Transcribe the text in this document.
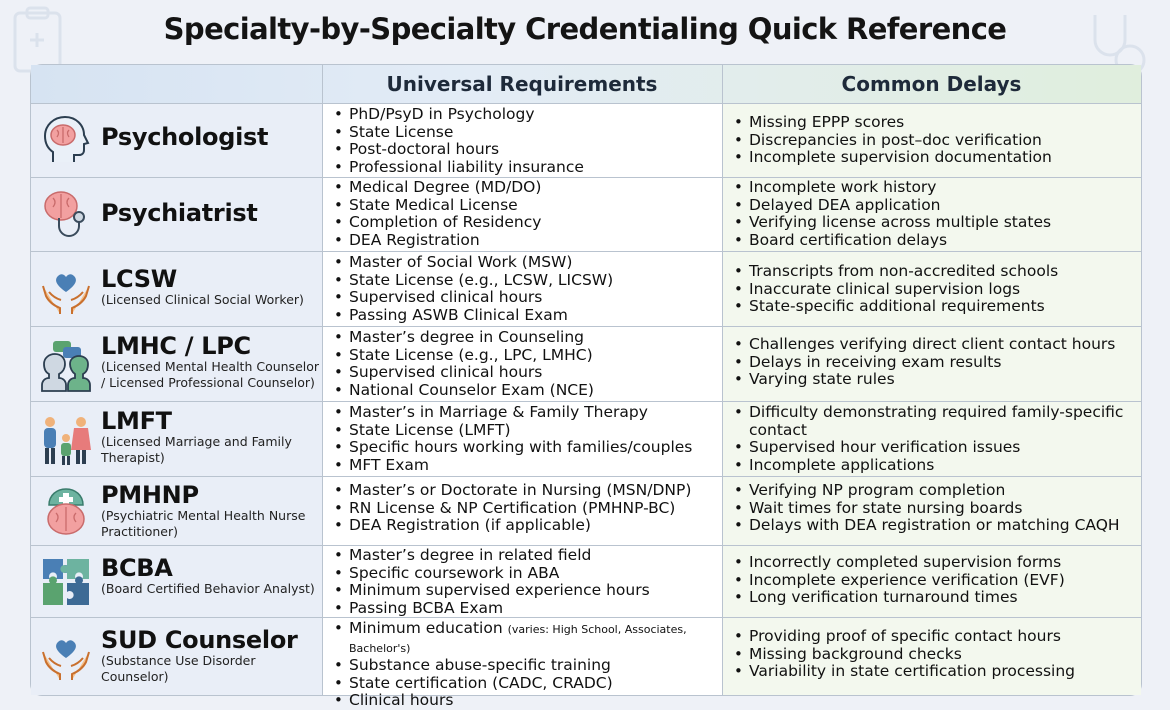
Specialty-by-Specialty Credentialing Quick Reference
Universal Requirements	Common Delays
Psychologist
• PhD/PsyD in Psychology
• State License
• Post-doctoral hours
• Professional liability insurance
• Missing EPPP scores
• Discrepancies in post–doc verification
• Incomplete supervision documentation
Psychiatrist
• Medical Degree (MD/DO)
• State Medical License
• Completion of Residency
• DEA Registration
• Incomplete work history
• Delayed DEA application
• Verifying license across multiple states
• Board certification delays
LCSW
(Licensed Clinical Social Worker)
• Master of Social Work (MSW)
• State License (e.g., LCSW, LICSW)
• Supervised clinical hours
• Passing ASWB Clinical Exam
• Transcripts from non-accredited schools
• Inaccurate clinical supervision logs
• State-specific additional requirements
LMHC / LPC
(Licensed Mental Health Counselor / Licensed Professional Counselor)
• Master’s degree in Counseling
• State License (e.g., LPC, LMHC)
• Supervised clinical hours
• National Counselor Exam (NCE)
• Challenges verifying direct client contact hours
• Delays in receiving exam results
• Varying state rules
LMFT
(Licensed Marriage and Family Therapist)
• Master’s in Marriage & Family Therapy
• State License (LMFT)
• Specific hours working with families/couples
• MFT Exam
• Difficulty demonstrating required family-specific contact
• Supervised hour verification issues
• Incomplete applications
PMHNP
(Psychiatric Mental Health Nurse Practitioner)
• Master’s or Doctorate in Nursing (MSN/DNP)
• RN License & NP Certification (PMHNP-BC)
• DEA Registration (if applicable)
• Verifying NP program completion
• Wait times for state nursing boards
• Delays with DEA registration or matching CAQH
BCBA
(Board Certified Behavior Analyst)
• Master’s degree in related field
• Specific coursework in ABA
• Minimum supervised experience hours
• Passing BCBA Exam
• Incorrectly completed supervision forms
• Incomplete experience verification (EVF)
• Long verification turnaround times
SUD Counselor
(Substance Use Disorder Counselor)
• Minimum education (varies: High School, Associates, Bachelor's)
• Substance abuse-specific training
• State certification (CADC, CRADC)
• Clinical hours
• Providing proof of specific contact hours
• Missing background checks
• Variability in state certification processing
